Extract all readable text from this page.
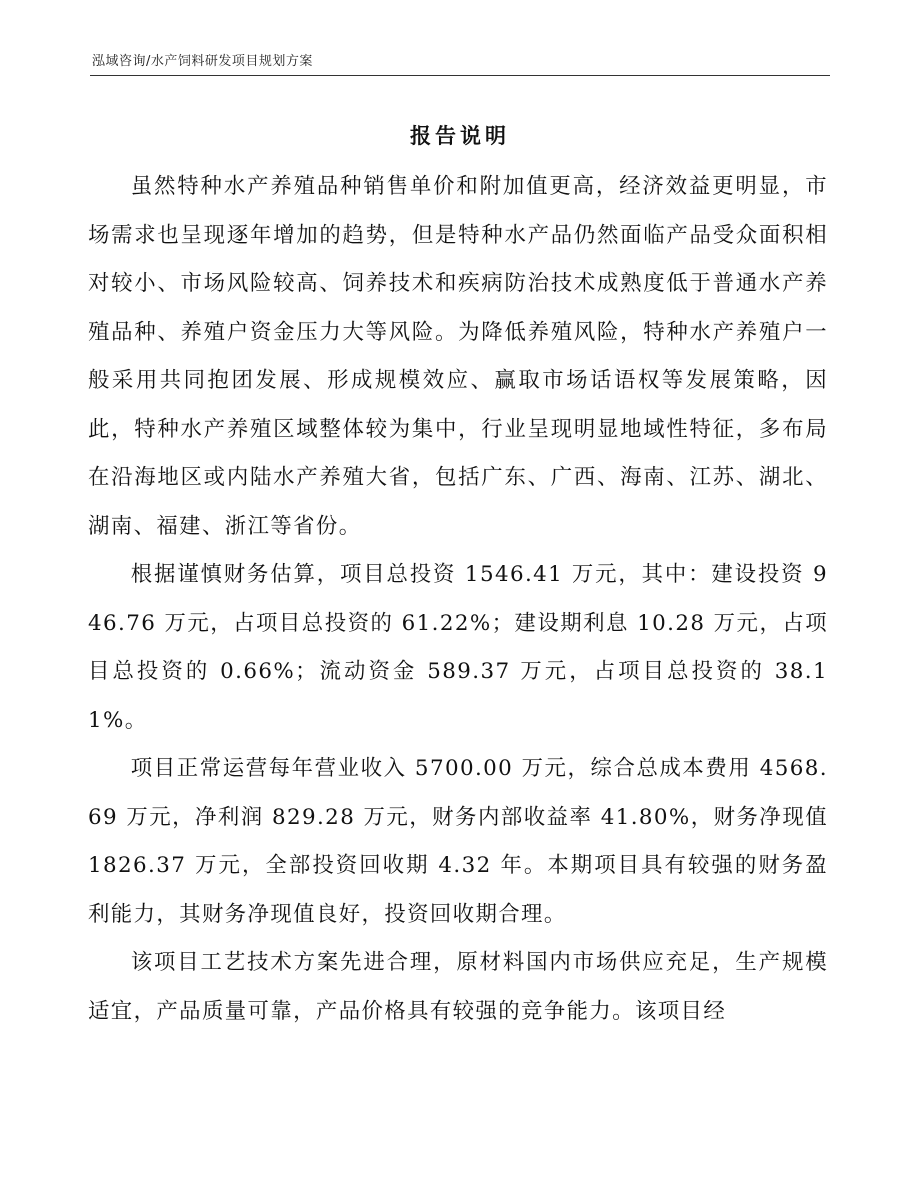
泓域咨询/水产饲料研发项目规划方案
报告说明

虽然特种水产养殖品种销售单价和附加值更高，经济效益更明显，市场需求也呈现逐年增加的趋势，但是特种水产品仍然面临产品受众面积相对较小、市场风险较高、饲养技术和疾病防治技术成熟度低于普通水产养殖品种、养殖户资金压力大等风险。为降低养殖风险，特种水产养殖户一般采用共同抱团发展、形成规模效应、赢取市场话语权等发展策略，因此，特种水产养殖区域整体较为集中，行业呈现明显地域性特征，多布局在沿海地区或内陆水产养殖大省，包括广东、广西、海南、江苏、湖北、湖南、福建、浙江等省份。

根据谨慎财务估算，项目总投资 1546.41 万元，其中：建设投资 946.76 万元，占项目总投资的 61.22%；建设期利息 10.28 万元，占项目总投资的 0.66%；流动资金 589.37 万元，占项目总投资的 38.11%。

项目正常运营每年营业收入 5700.00 万元，综合总成本费用 4568.69 万元，净利润 829.28 万元，财务内部收益率 41.80%，财务净现值 1826.37 万元，全部投资回收期 4.32 年。本期项目具有较强的财务盈利能力，其财务净现值良好，投资回收期合理。

该项目工艺技术方案先进合理，原材料国内市场供应充足，生产规模适宜，产品质量可靠，产品价格具有较强的竞争能力。该项目经
